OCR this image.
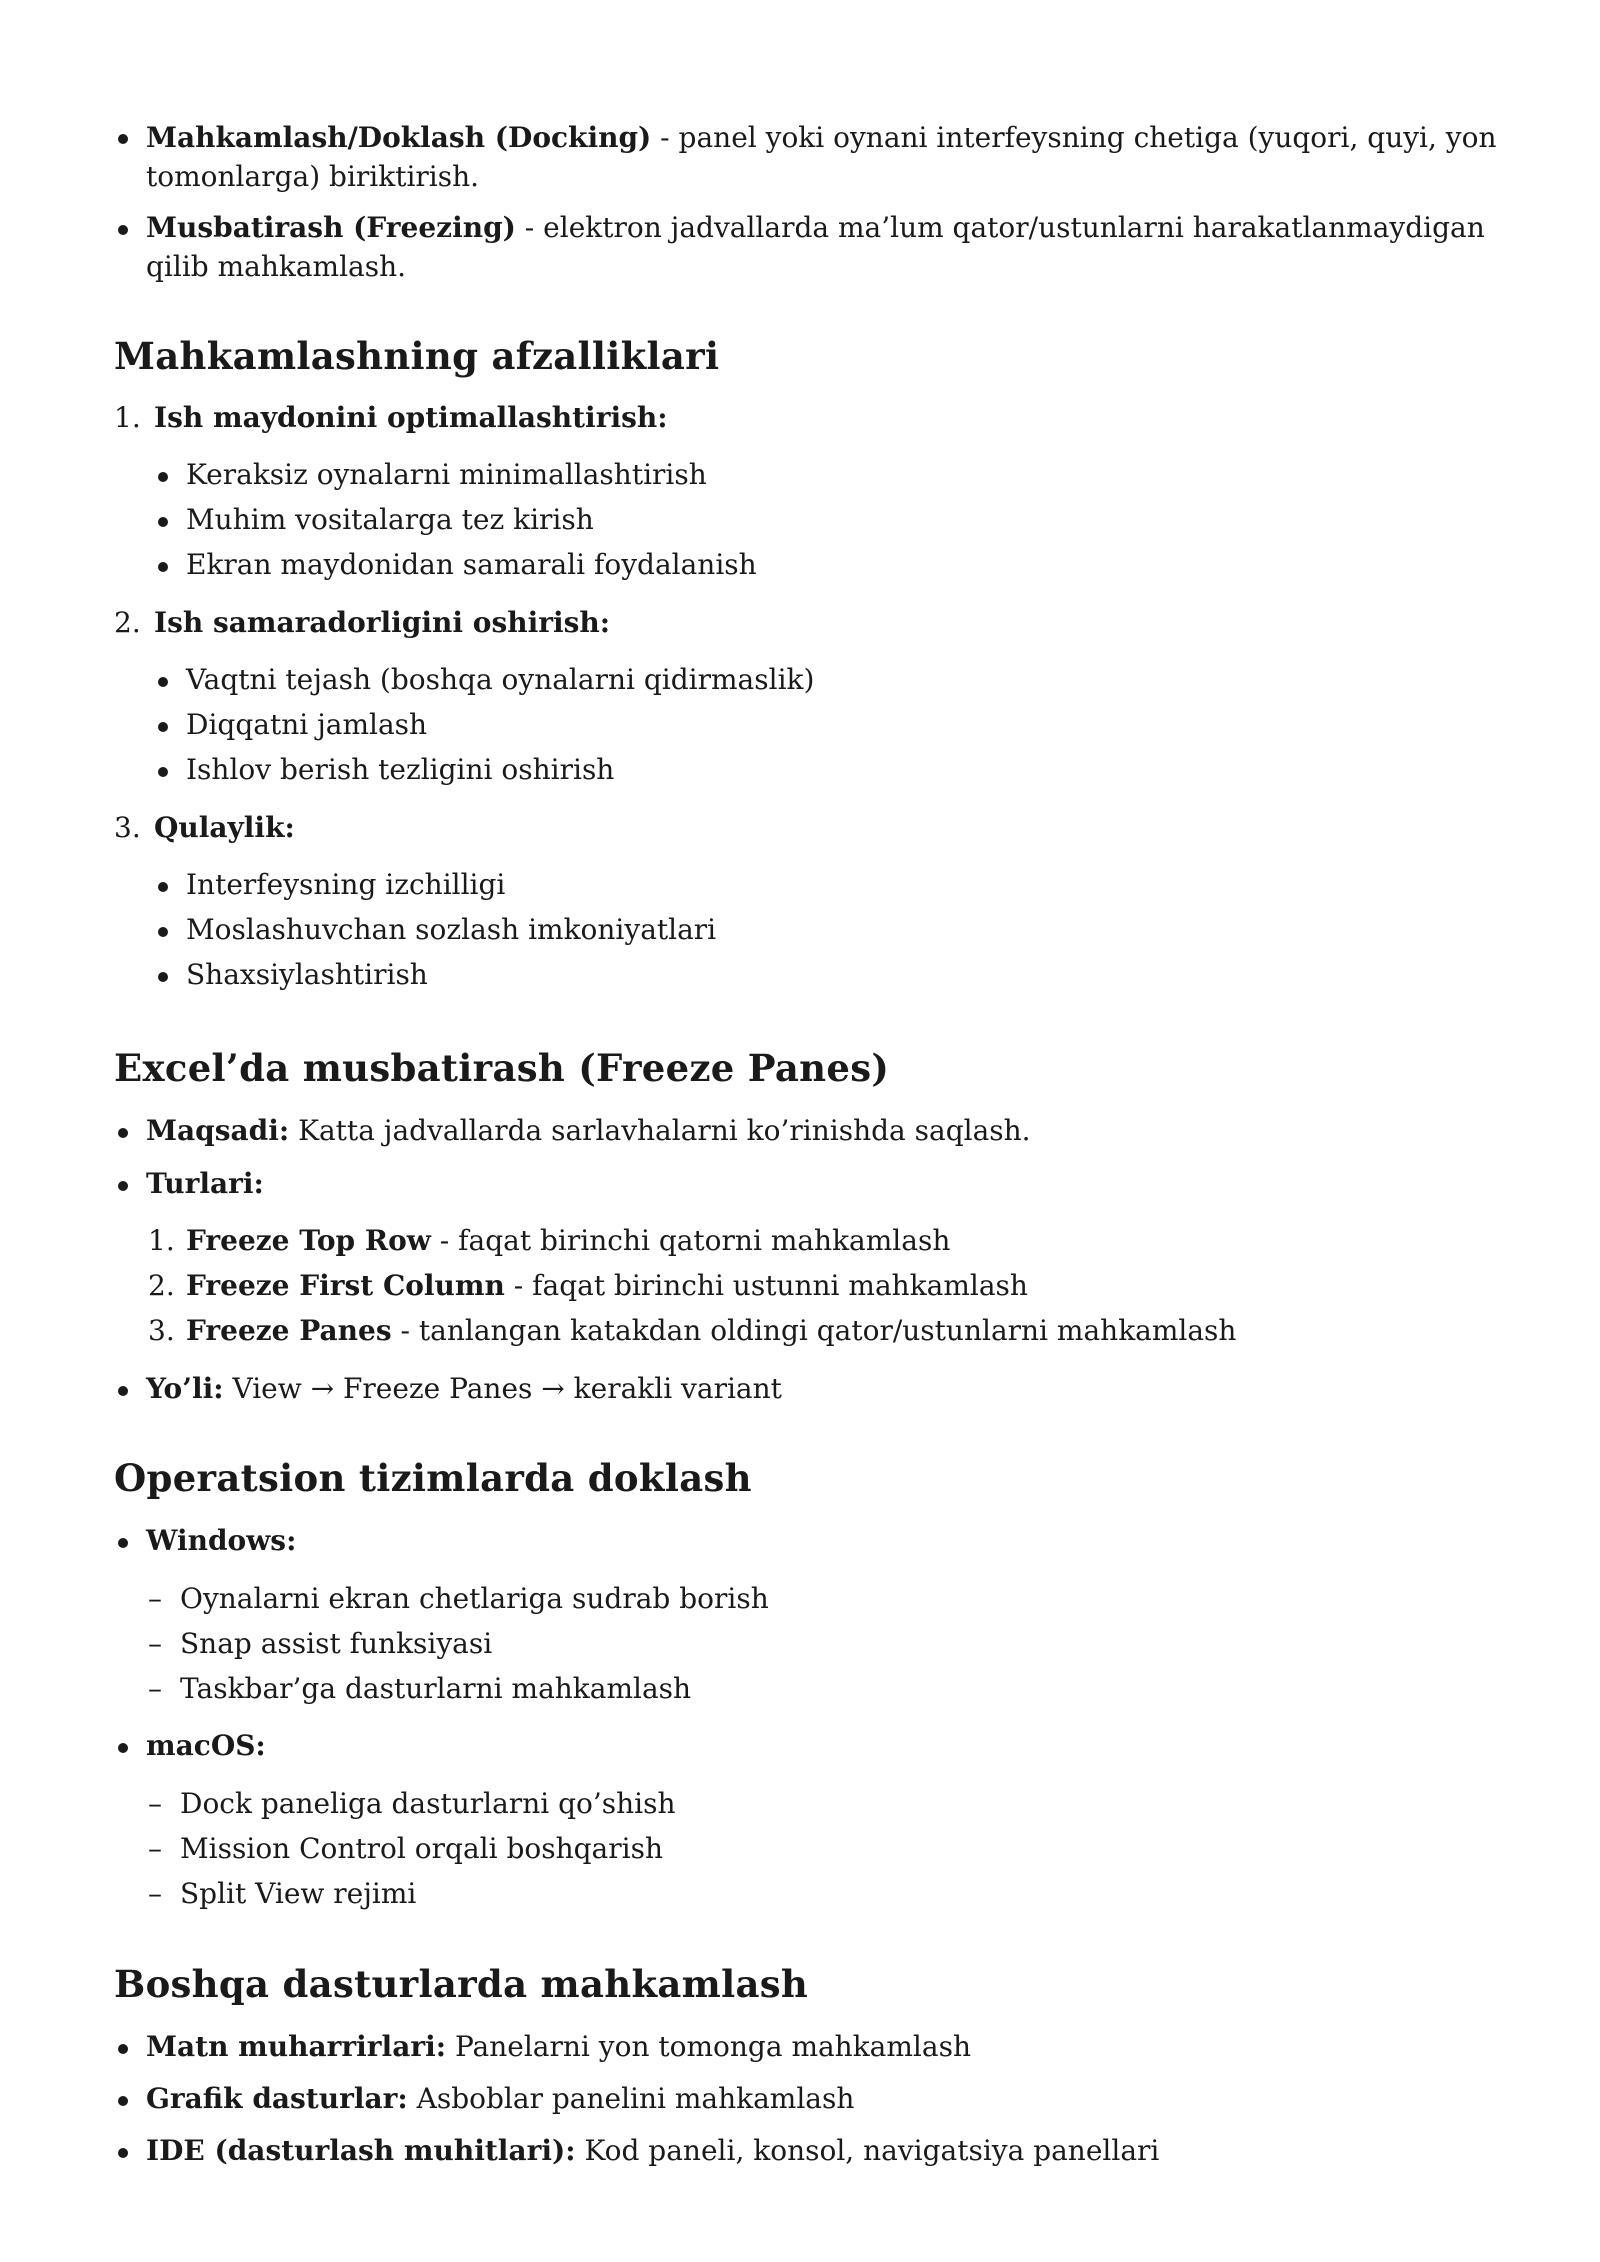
Mahkamlash/Doklash (Docking) - panel yoki oynani interfeysning chetiga (yuqori, quyi, yon
tomonlarga) biriktirish.
Musbatirash (Freezing) - elektron jadvallarda ma’lum qator/ustunlarni harakatlanmaydigan
qilib mahkamlash.
Mahkamlashning afzalliklari
1. Ish maydonini optimallashtirish:
Keraksiz oynalarni minimallashtirish
Muhim vositalarga tez kirish
Ekran maydonidan samarali foydalanish
2. Ish samaradorligini oshirish:
Vaqtni tejash (boshqa oynalarni qidirmaslik)
Diqqatni jamlash
Ishlov berish tezligini oshirish
3. Qulaylik:
Interfeysning izchilligi
Moslashuvchan sozlash imkoniyatlari
Shaxsiylashtirish
Excel’da musbatirash (Freeze Panes)
Maqsadi: Katta jadvallarda sarlavhalarni ko’rinishda saqlash.
Turlari:
1. Freeze Top Row - faqat birinchi qatorni mahkamlash
2. Freeze First Column - faqat birinchi ustunni mahkamlash
3. Freeze Panes - tanlangan katakdan oldingi qator/ustunlarni mahkamlash
Yo’li: View → Freeze Panes → kerakli variant
Operatsion tizimlarda doklash
Windows:
– Oynalarni ekran chetlariga sudrab borish
– Snap assist funksiyasi
– Taskbar’ga dasturlarni mahkamlash
macOS:
– Dock paneliga dasturlarni qo’shish
– Mission Control orqali boshqarish
– Split View rejimi
Boshqa dasturlarda mahkamlash
Matn muharrirlari: Panelarni yon tomonga mahkamlash
Grafik dasturlar: Asboblar panelini mahkamlash
IDE (dasturlash muhitlari): Kod paneli, konsol, navigatsiya panellari
